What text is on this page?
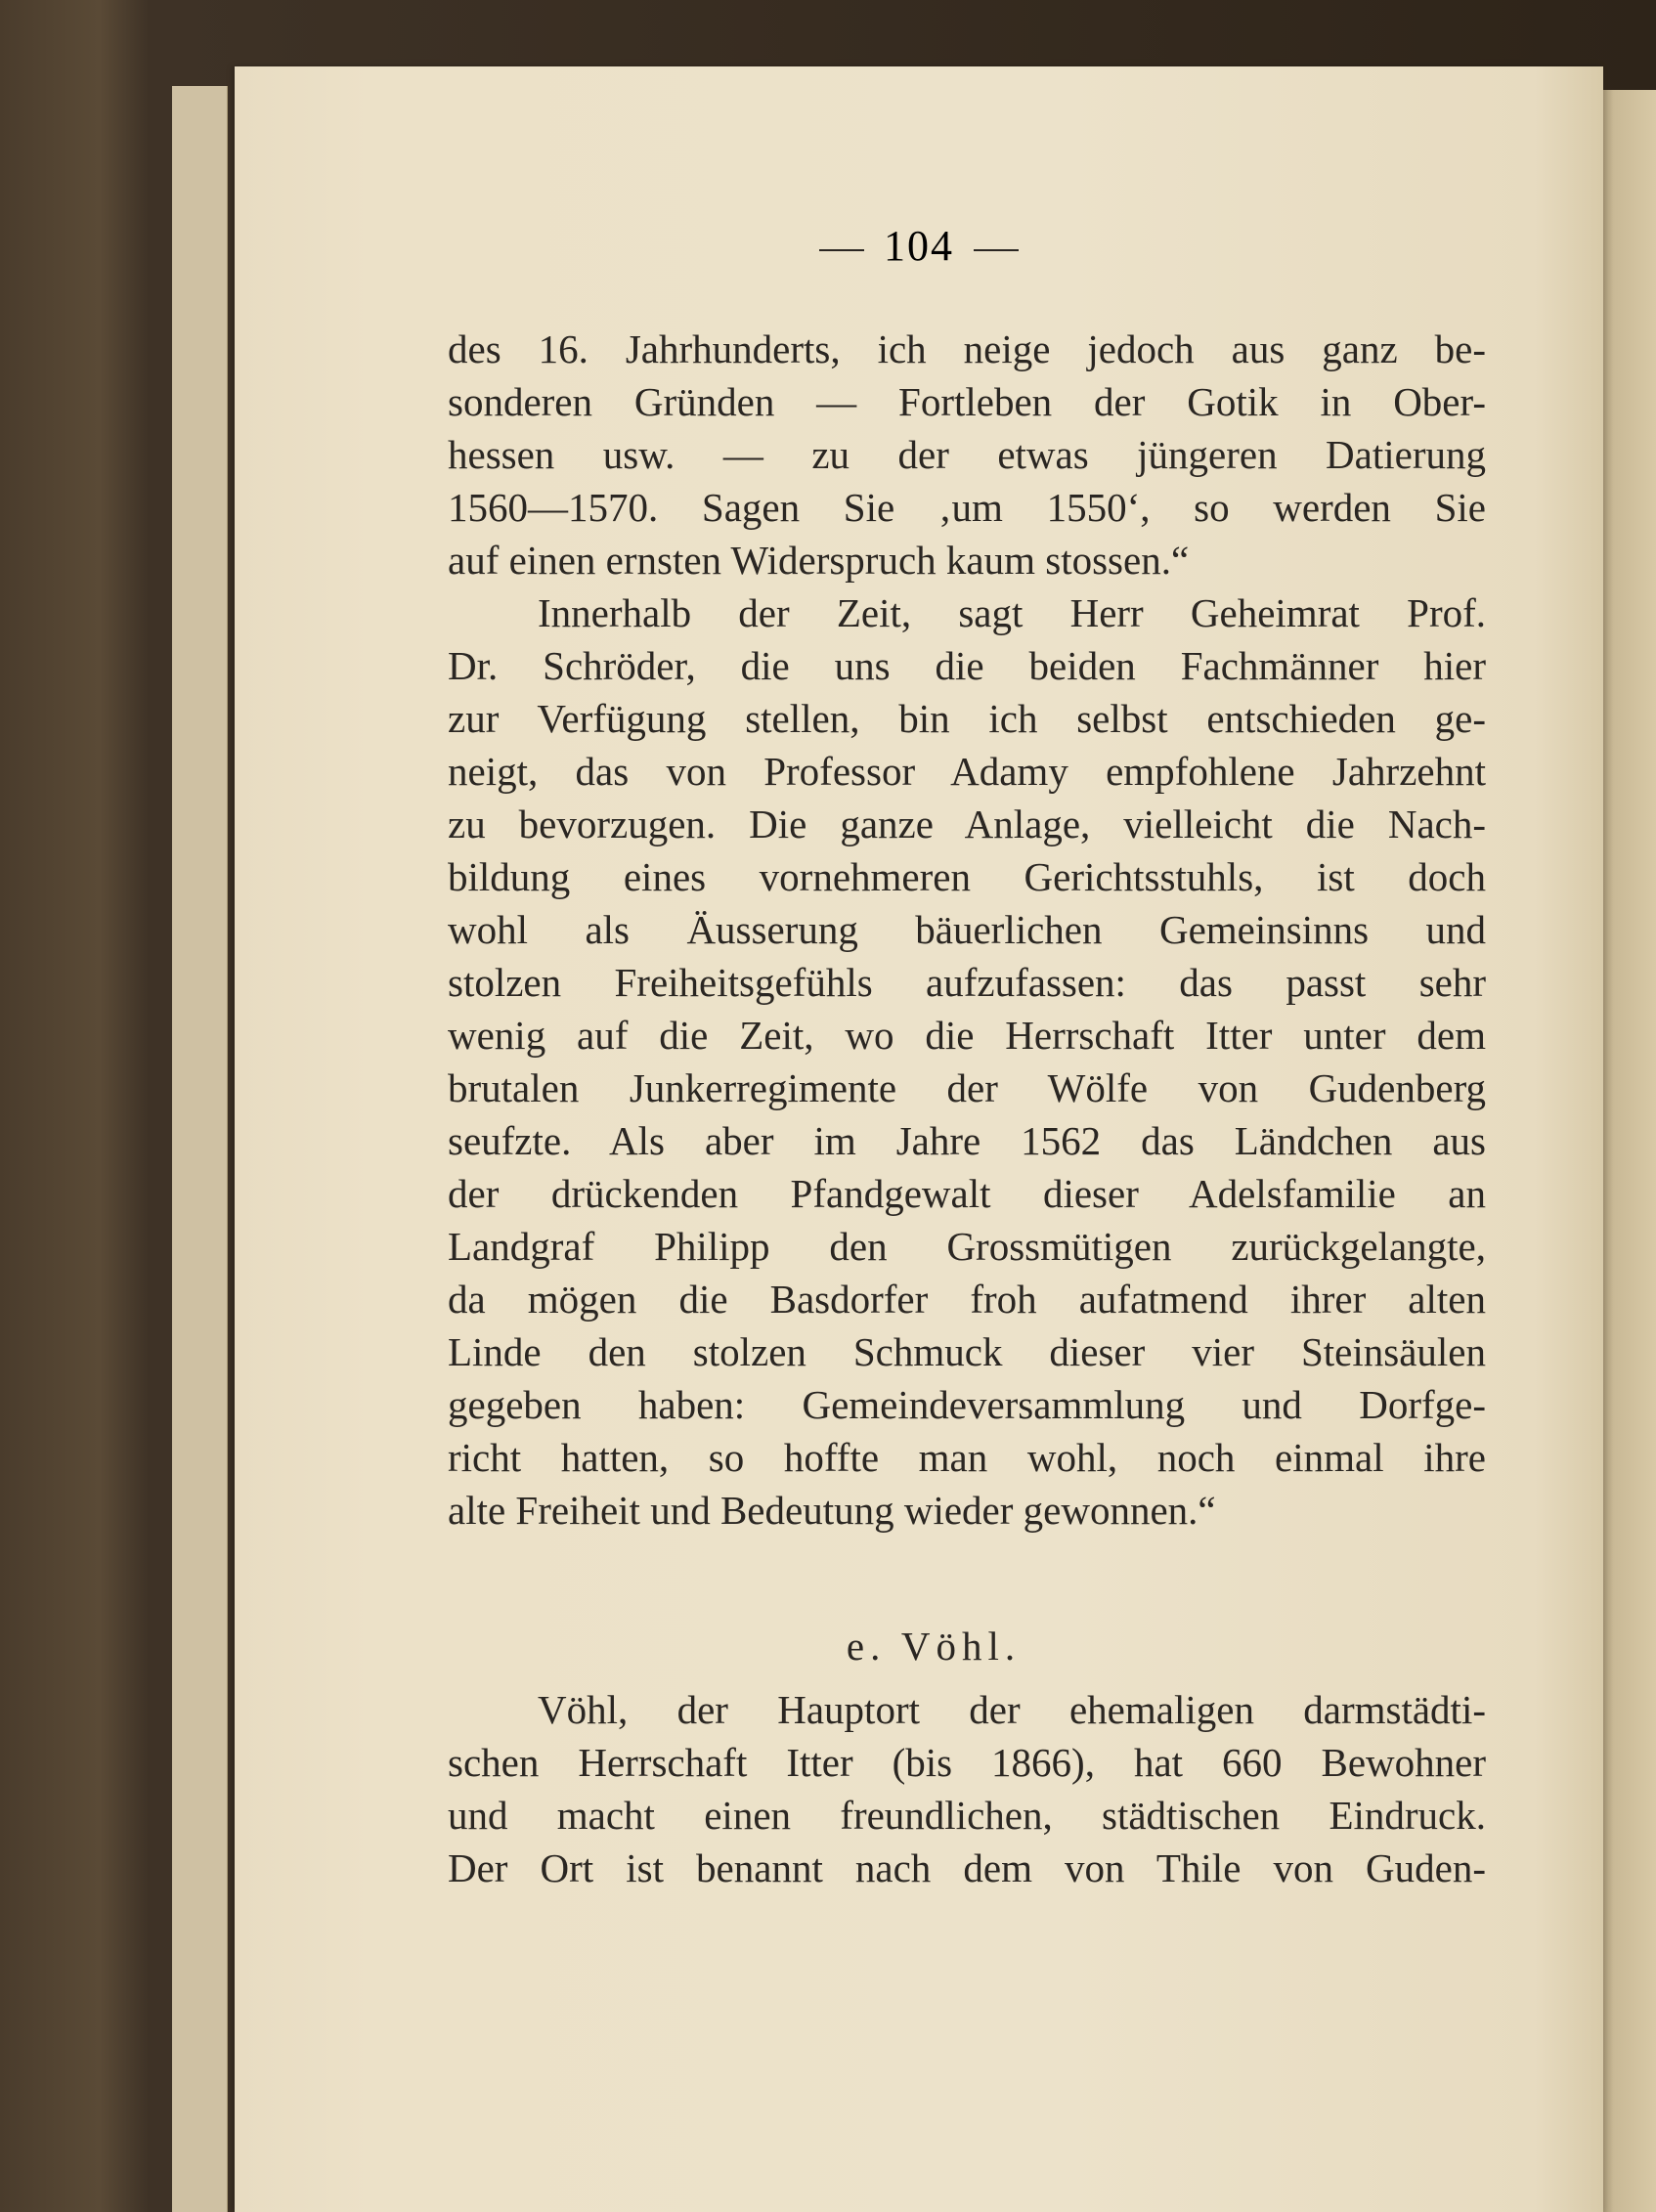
104
des 16. Jahrhunderts, ich neige jedoch aus ganz be-
sonderen Gründen — Fortleben der Gotik in Ober-
hessen usw. — zu der etwas jüngeren Datierung
1560—1570. Sagen Sie ‚um 1550‘, so werden Sie
auf einen ernsten Widerspruch kaum stossen.“
Innerhalb der Zeit, sagt Herr Geheimrat Prof.
Dr. Schröder, die uns die beiden Fachmänner hier
zur Verfügung stellen, bin ich selbst entschieden ge-
neigt, das von Professor Adamy empfohlene Jahrzehnt
zu bevorzugen. Die ganze Anlage, vielleicht die Nach-
bildung eines vornehmeren Gerichtsstuhls, ist doch
wohl als Äusserung bäuerlichen Gemeinsinns und
stolzen Freiheitsgefühls aufzufassen: das passt sehr
wenig auf die Zeit, wo die Herrschaft Itter unter dem
brutalen Junkerregimente der Wölfe von Gudenberg
seufzte. Als aber im Jahre 1562 das Ländchen aus
der drückenden Pfandgewalt dieser Adelsfamilie an
Landgraf Philipp den Grossmütigen zurückgelangte,
da mögen die Basdorfer froh aufatmend ihrer alten
Linde den stolzen Schmuck dieser vier Steinsäulen
gegeben haben: Gemeindeversammlung und Dorfge-
richt hatten, so hoffte man wohl, noch einmal ihre
alte Freiheit und Bedeutung wieder gewonnen.“
e. Vöhl.
Vöhl, der Hauptort der ehemaligen darmstädti-
schen Herrschaft Itter (bis 1866), hat 660 Bewohner
und macht einen freundlichen, städtischen Eindruck.
Der Ort ist benannt nach dem von Thile von Guden-
